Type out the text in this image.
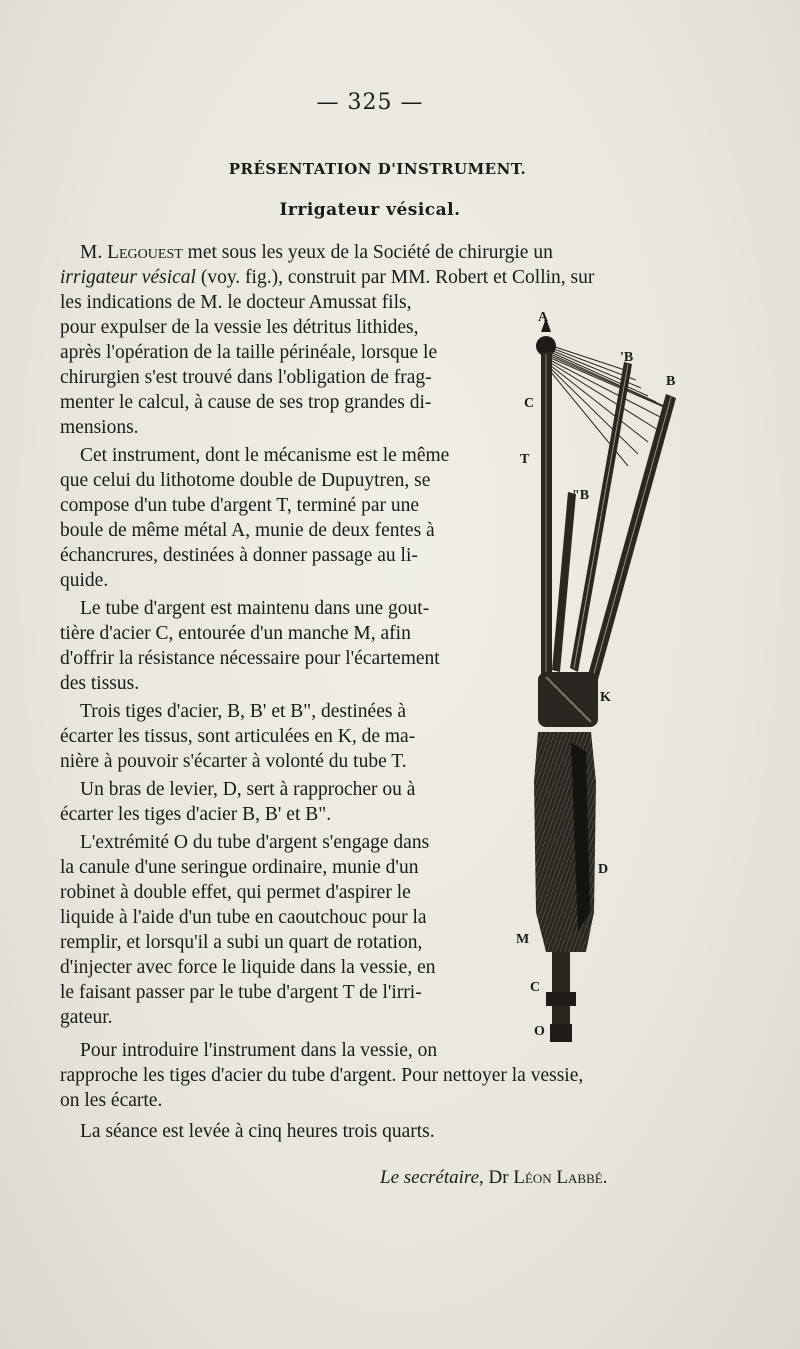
— 325 —
PRÉSENTATION D'INSTRUMENT.
Irrigateur vésical.
M. Legouest met sous les yeux de la Société de chirurgie un
irrigateur vésical (voy. fig.), construit par MM. Robert et Collin, sur
les indications de M. le docteur Amussat fils,
pour expulser de la vessie les détritus lithides,
après l'opération de la taille périnéale, lorsque le
chirurgien s'est trouvé dans l'obligation de frag-
menter le calcul, à cause de ses trop grandes di-
mensions.
Cet instrument, dont le mécanisme est le même
que celui du lithotome double de Dupuytren, se
compose d'un tube d'argent T, terminé par une
boule de même métal A, munie de deux fentes à
échancrures, destinées à donner passage au li-
quide.
Le tube d'argent est maintenu dans une gout-
tière d'acier C, entourée d'un manche M, afin
d'offrir la résistance nécessaire pour l'écartement
des tissus.
Trois tiges d'acier, B, B' et B", destinées à
écarter les tissus, sont articulées en K, de ma-
nière à pouvoir s'écarter à volonté du tube T.
Un bras de levier, D, sert à rapprocher ou à
écarter les tiges d'acier B, B' et B".
L'extrémité O du tube d'argent s'engage dans
la canule d'une seringue ordinaire, munie d'un
robinet à double effet, qui permet d'aspirer le
liquide à l'aide d'un tube en caoutchouc pour la
remplir, et lorsqu'il a subi un quart de rotation,
d'injecter avec force le liquide dans la vessie, en
le faisant passer par le tube d'argent T de l'irri-
gateur.
Pour introduire l'instrument dans la vessie, on
rapproche les tiges d'acier du tube d'argent. Pour nettoyer la vessie,
on les écarte.
La séance est levée à cinq heures trois quarts.
Le secrétaire, Dr Léon Labbé.
A
'B
B
C
T
"B
K
D
M
C
O
